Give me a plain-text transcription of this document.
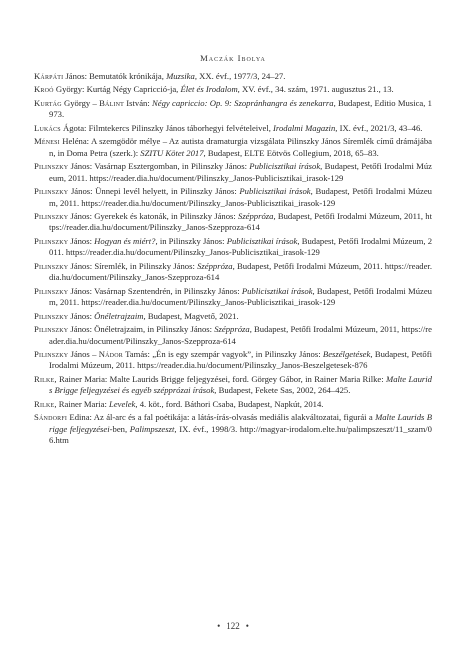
Maczák Ibolya

Kárpáti János: Bemutatók krónikája, Muzsika, XX. évf., 1977/3, 24–27.

Kroó György: Kurtág Négy Capricció-ja, Élet és Irodalom, XV. évf., 34. szám, 1971. augusztus 21., 13.

Kurtág György – Bálint István: Négy capriccio: Op. 9: Szopránhangra és zenekarra, Budapest, Editio Musica, 1973.

Lukács Ágota: Filmtekercs Pilinszky János táborhegyi felvételeivel, Irodalmi Magazin, IX. évf., 2021/3, 43–46.

Ménesi Heléna: A szemgödör mélye – Az autista dramaturgia vizsgálata Pilinszky János Síremlék című drámájában, in Doma Petra (szerk.): SZITU Kötet 2017, Budapest, ELTE Eötvös Collegium, 2018, 65–83.

Pilinszky János: Vasárnap Esztergomban, in Pilinszky János: Publicisztikai írások, Budapest, Petőfi Irodalmi Múzeum, 2011. https://reader.dia.hu/document/Pilinszky_Janos-Publicisztikai_irasok-129

Pilinszky János: Ünnepi levél helyett, in Pilinszky János: Publicisztikai írások, Budapest, Petőfi Irodalmi Múzeum, 2011. https://reader.dia.hu/document/Pilinszky_Janos-Publicisztikai_irasok-129

Pilinszky János: Gyerekek és katonák, in Pilinszky János: Széppróza, Budapest, Petőfi Irodalmi Múzeum, 2011, https://reader.dia.hu/document/Pilinszky_Janos-Szepproza-614

Pilinszky János: Hogyan és miért?, in Pilinszky János: Publicisztikai írások, Budapest, Petőfi Irodalmi Múzeum, 2011. https://reader.dia.hu/document/Pilinszky_Janos-Publicisztikai_irasok-129

Pilinszky János: Síremlék, in Pilinszky János: Széppróza, Budapest, Petőfi Irodalmi Múzeum, 2011. https://reader.dia.hu/document/Pilinszky_Janos-Szepproza-614

Pilinszky János: Vasárnap Szentendrén, in Pilinszky János: Publicisztikai írások, Budapest, Petőfi Irodalmi Múzeum, 2011. https://reader.dia.hu/document/Pilinszky_Janos-Publicisztikai_irasok-129

Pilinszky János: Önéletrajzaim, Budapest, Magvető, 2021.

Pilinszky János: Önéletrajzaim, in Pilinszky János: Széppróza, Budapest, Petőfi Irodalmi Múzeum, 2011, https://reader.dia.hu/document/Pilinszky_Janos-Szepproza-614

Pilinszky János – Nádor Tamás: „Én is egy szempár vagyok”, in Pilinszky János: Beszélgetések, Budapest, Petőfi Irodalmi Múzeum, 2011. https://reader.dia.hu/document/Pilinszky_Janos-Beszelgetesek-876

Rilke, Rainer Maria: Malte Laurids Brigge feljegyzései, ford. Görgey Gábor, in Rainer Maria Rilke: Malte Laurids Brigge feljegyzései és egyéb szépprózai írások, Budapest, Fekete Sas, 2002, 264–425.

Rilke, Rainer Maria: Levelek, 4. köt., ford. Báthori Csaba, Budapest, Napkút, 2014.

Sándorfi Edina: Az ál-arc és a fal poétikája: a látás-írás-olvasás mediális alakváltozatai, figurái a Malte Laurids Brigge feljegyzései-ben, Palimpszeszt, IX. évf., 1998/3. http://magyar-irodalom.elte.hu/palimpszeszt/11_szam/06.htm

• 122 •
